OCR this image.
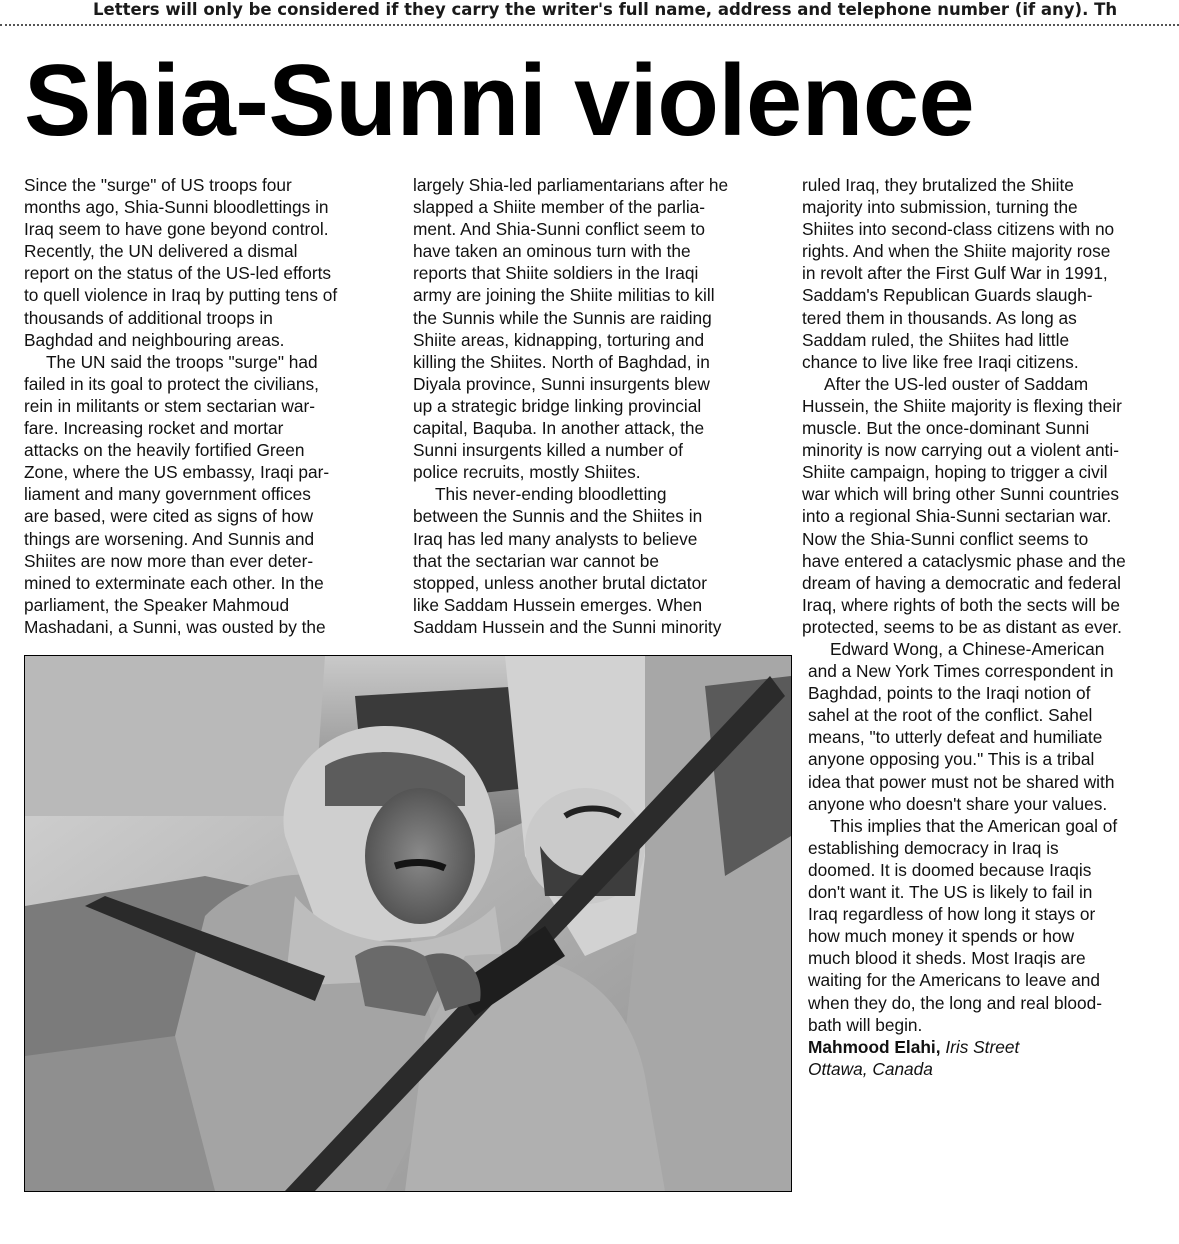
Letters will only be considered if they carry the writer's full name, address and telephone number (if any). Th
Shia-Sunni violence
Since the "surge" of US troops four
months ago, Shia-Sunni bloodlettings in
Iraq seem to have gone beyond control.
Recently, the UN delivered a dismal
report on the status of the US-led efforts
to quell violence in Iraq by putting tens of
thousands of additional troops in
Baghdad and neighbouring areas.
The UN said the troops "surge" had
failed in its goal to protect the civilians,
rein in militants or stem sectarian war-
fare. Increasing rocket and mortar
attacks on the heavily fortified Green
Zone, where the US embassy, Iraqi par-
liament and many government offices
are based, were cited as signs of how
things are worsening. And Sunnis and
Shiites are now more than ever deter-
mined to exterminate each other. In the
parliament, the Speaker Mahmoud
Mashadani, a Sunni, was ousted by the
largely Shia-led parliamentarians after he
slapped a Shiite member of the parlia-
ment. And Shia-Sunni conflict seem to
have taken an ominous turn with the
reports that Shiite soldiers in the Iraqi
army are joining the Shiite militias to kill
the Sunnis while the Sunnis are raiding
Shiite areas, kidnapping, torturing and
killing the Shiites. North of Baghdad, in
Diyala province, Sunni insurgents blew
up a strategic bridge linking provincial
capital, Baquba. In another attack, the
Sunni insurgents killed a number of
police recruits, mostly Shiites.
This never-ending bloodletting
between the Sunnis and the Shiites in
Iraq has led many analysts to believe
that the sectarian war cannot be
stopped, unless another brutal dictator
like Saddam Hussein emerges. When
Saddam Hussein and the Sunni minority
ruled Iraq, they brutalized the Shiite
majority into submission, turning the
Shiites into second-class citizens with no
rights. And when the Shiite majority rose
in revolt after the First Gulf War in 1991,
Saddam's Republican Guards slaugh-
tered them in thousands. As long as
Saddam ruled, the Shiites had little
chance to live like free Iraqi citizens.
After the US-led ouster of Saddam
Hussein, the Shiite majority is flexing their
muscle. But the once-dominant Sunni
minority is now carrying out a violent anti-
Shiite campaign, hoping to trigger a civil
war which will bring other Sunni countries
into a regional Shia-Sunni sectarian war.
Now the Shia-Sunni conflict seems to
have entered a cataclysmic phase and the
dream of having a democratic and federal
Iraq, where rights of both the sects will be
protected, seems to be as distant as ever.
Edward Wong, a Chinese-American
and a New York Times correspondent in
Baghdad, points to the Iraqi notion of
sahel at the root of the conflict. Sahel
means, "to utterly defeat and humiliate
anyone opposing you." This is a tribal
idea that power must not be shared with
anyone who doesn't share your values.
This implies that the American goal of
establishing democracy in Iraq is
doomed. It is doomed because Iraqis
don't want it. The US is likely to fail in
Iraq regardless of how long it stays or
how much money it spends or how
much blood it sheds. Most Iraqis are
waiting for the Americans to leave and
when they do, the long and real blood-
bath will begin.
Mahmood Elahi, Iris Street
Ottawa, Canada
